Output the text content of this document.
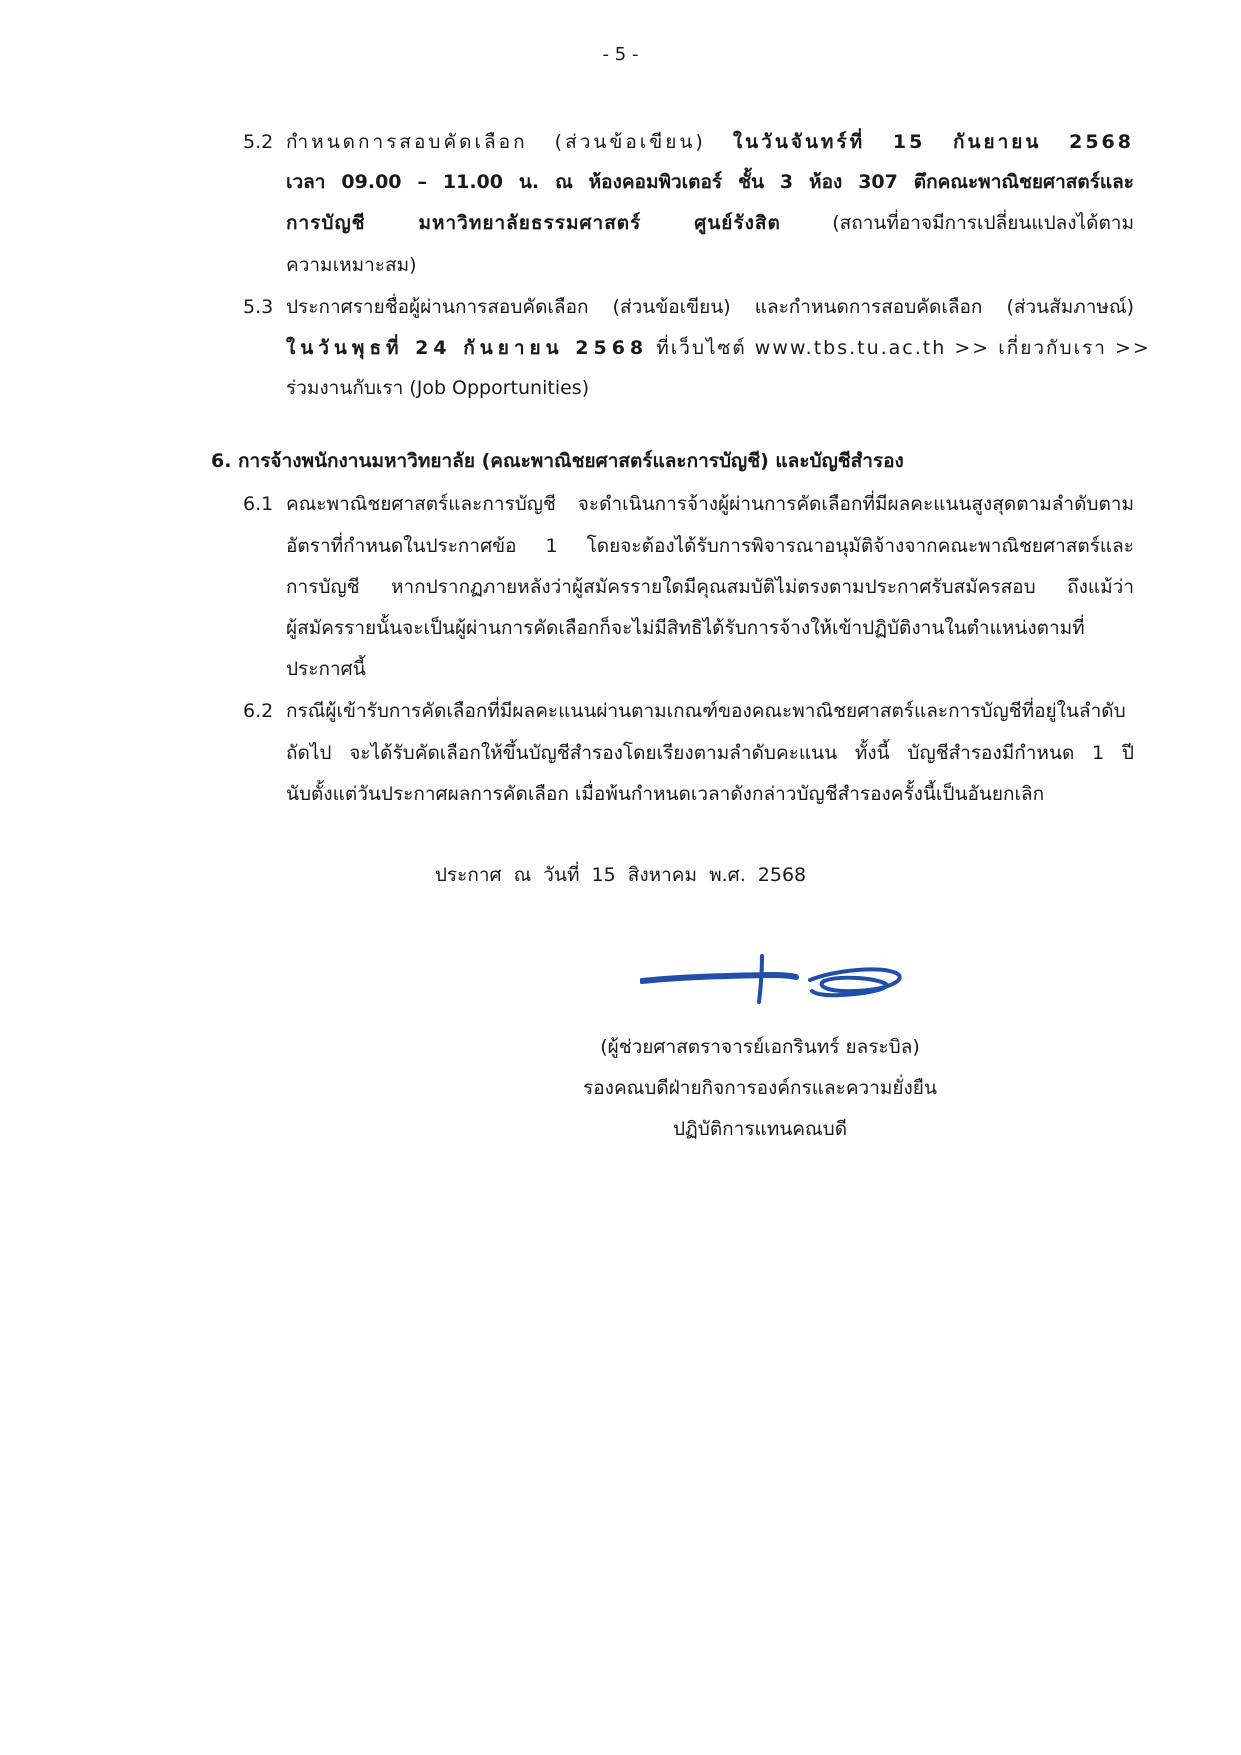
- 5 -
5.2 กำหนดการสอบคัดเลือก (ส่วนข้อเขียน) ในวันจันทร์ที่ 15 กันยายน 2568
เวลา 09.00 – 11.00 น. ณ ห้องคอมพิวเตอร์ ชั้น 3 ห้อง 307 ตึกคณะพาณิชยศาสตร์และ
การบัญชี มหาวิทยาลัยธรรมศาสตร์ ศูนย์รังสิต (สถานที่อาจมีการเปลี่ยนแปลงได้ตาม
ความเหมาะสม)
5.3 ประกาศรายชื่อผู้ผ่านการสอบคัดเลือก (ส่วนข้อเขียน) และกำหนดการสอบคัดเลือก (ส่วนสัมภาษณ์)
ในวันพุธที่ 24 กันยายน 2568 ที่เว็บไซต์ www.tbs.tu.ac.th >> เกี่ยวกับเรา >>
ร่วมงานกับเรา (Job Opportunities)
6. การจ้างพนักงานมหาวิทยาลัย (คณะพาณิชยศาสตร์และการบัญชี) และบัญชีสำรอง
6.1 คณะพาณิชยศาสตร์และการบัญชี จะดำเนินการจ้างผู้ผ่านการคัดเลือกที่มีผลคะแนนสูงสุดตามลำดับตาม
อัตราที่กำหนดในประกาศข้อ 1 โดยจะต้องได้รับการพิจารณาอนุมัติจ้างจากคณะพาณิชยศาสตร์และ
การบัญชี หากปรากฏภายหลังว่าผู้สมัครรายใดมีคุณสมบัติไม่ตรงตามประกาศรับสมัครสอบ ถึงแม้ว่า
ผู้สมัครรายนั้นจะเป็นผู้ผ่านการคัดเลือกก็จะไม่มีสิทธิได้รับการจ้างให้เข้าปฏิบัติงานในตำแหน่งตามที่
ประกาศนี้
6.2 กรณีผู้เข้ารับการคัดเลือกที่มีผลคะแนนผ่านตามเกณฑ์ของคณะพาณิชยศาสตร์และการบัญชีที่อยู่ในลำดับ
ถัดไป จะได้รับคัดเลือกให้ขึ้นบัญชีสำรองโดยเรียงตามลำดับคะแนน ทั้งนี้ บัญชีสำรองมีกำหนด 1 ปี
นับตั้งแต่วันประกาศผลการคัดเลือก เมื่อพ้นกำหนดเวลาดังกล่าวบัญชีสำรองครั้งนี้เป็นอันยกเลิก
ประกาศ ณ วันที่ 15 สิงหาคม พ.ศ. 2568
(ผู้ช่วยศาสตราจารย์เอกรินทร์ ยลระบิล)
รองคณบดีฝ่ายกิจการองค์กรและความยั่งยืน
ปฏิบัติการแทนคณบดี
